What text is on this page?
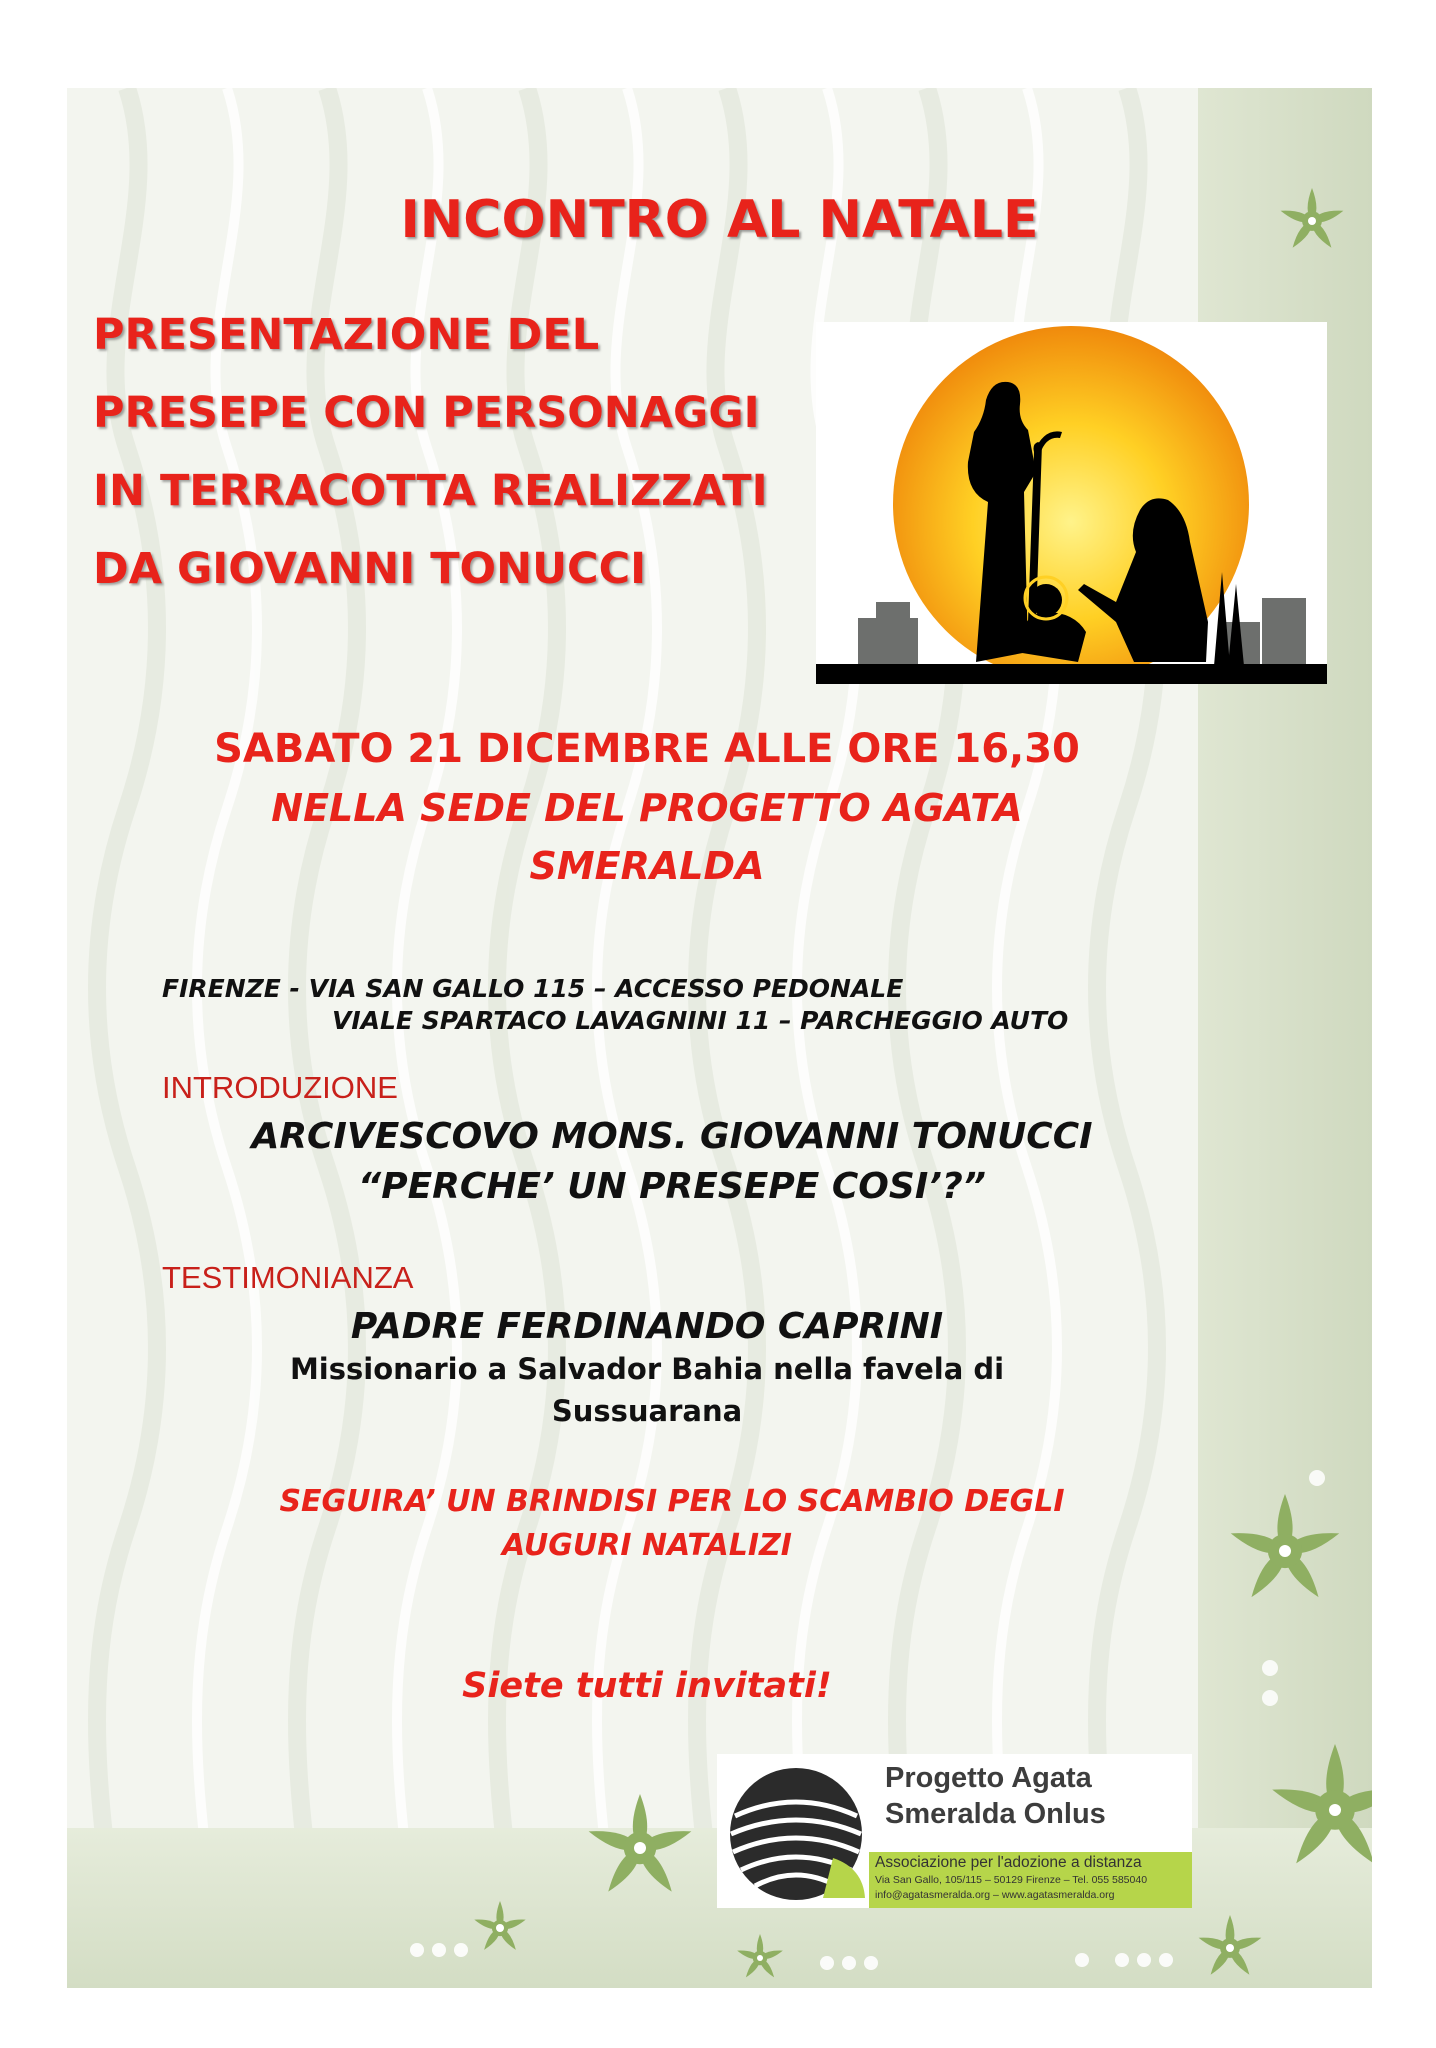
INCONTRO AL NATALE

PRESENTAZIONE DEL

PRESEPE CON PERSONAGGI

IN TERRACOTTA REALIZZATI

DA GIOVANNI TONUCCI

SABATO 21 DICEMBRE ALLE ORE 16,30

NELLA SEDE DEL PROGETTO AGATA

SMERALDA

FIRENZE - VIA SAN GALLO 115 – ACCESSO PEDONALE

VIALE SPARTACO LAVAGNINI 11 – PARCHEGGIO AUTO

INTRODUZIONE

ARCIVESCOVO MONS. GIOVANNI TONUCCI

“PERCHE’ UN PRESEPE COSI’?”

TESTIMONIANZA

PADRE FERDINANDO CAPRINI

Missionario a Salvador Bahia nella favela di

Sussuarana

SEGUIRA’ UN BRINDISI PER LO SCAMBIO DEGLI

AUGURI NATALIZI

Siete tutti invitati!

Progetto Agata

Smeralda Onlus

Associazione per l'adozione a distanza

Via San Gallo, 105/115 – 50129 Firenze – Tel. 055 585040

info@agatasmeralda.org – www.agatasmeralda.org
